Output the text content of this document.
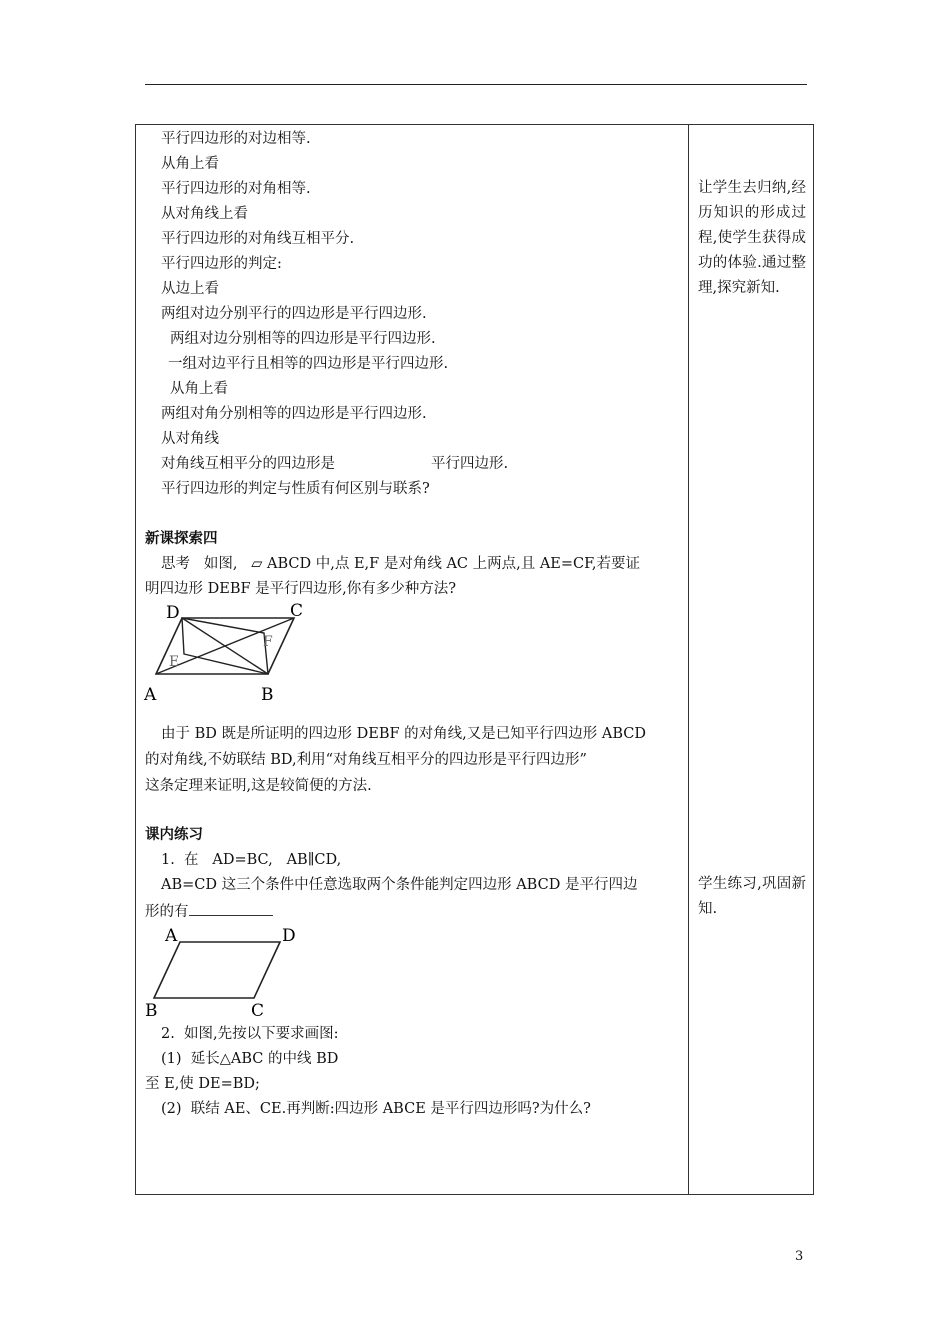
平行四边形的对边相等.
从角上看
平行四边形的对角相等.
从对角线上看
平行四边形的对角线互相平分.
平行四边形的判定:
从边上看
两组对边分别平行的四边形是平行四边形.
两组对边分别相等的四边形是平行四边形.
一组对边平行且相等的四边形是平行四边形.
从角上看
两组对角分别相等的四边形是平行四边形.
从对角线
对角线互相平分的四边形是	平行四边形.
平行四边形的判定与性质有何区别与联系?
新课探索四
思考   如图,   ▱ ABCD 中,点 E,F 是对角线 AC 上两点,且 AE=CF,若要证
明四边形 DEBF 是平行四边形,你有多少种方法?
D	C
A	B
E
F
由于 BD 既是所证明的四边形 DEBF 的对角线,又是已知平行四边形 ABCD
的对角线,不妨联结 BD,利用“对角线互相平分的四边形是平行四边形”
这条定理来证明,这是较简便的方法.
课内练习
1.  在   AD=BC,   AB∥CD,
AB=CD 这三个条件中任意选取两个条件能判定四边形 ABCD 是平行四边
形的有
A	D
B	C
2.  如图,先按以下要求画图:
(1)  延长△ABC 的中线 BD
至 E,使 DE=BD;
(2)  联结 AE、CE.再判断:四边形 ABCE 是平行四边形吗?为什么?
让学生去归纳,经历知识的形成过程,使学生获得成功的体验.通过整理,探究新知.
学生练习,巩固新知.
3
